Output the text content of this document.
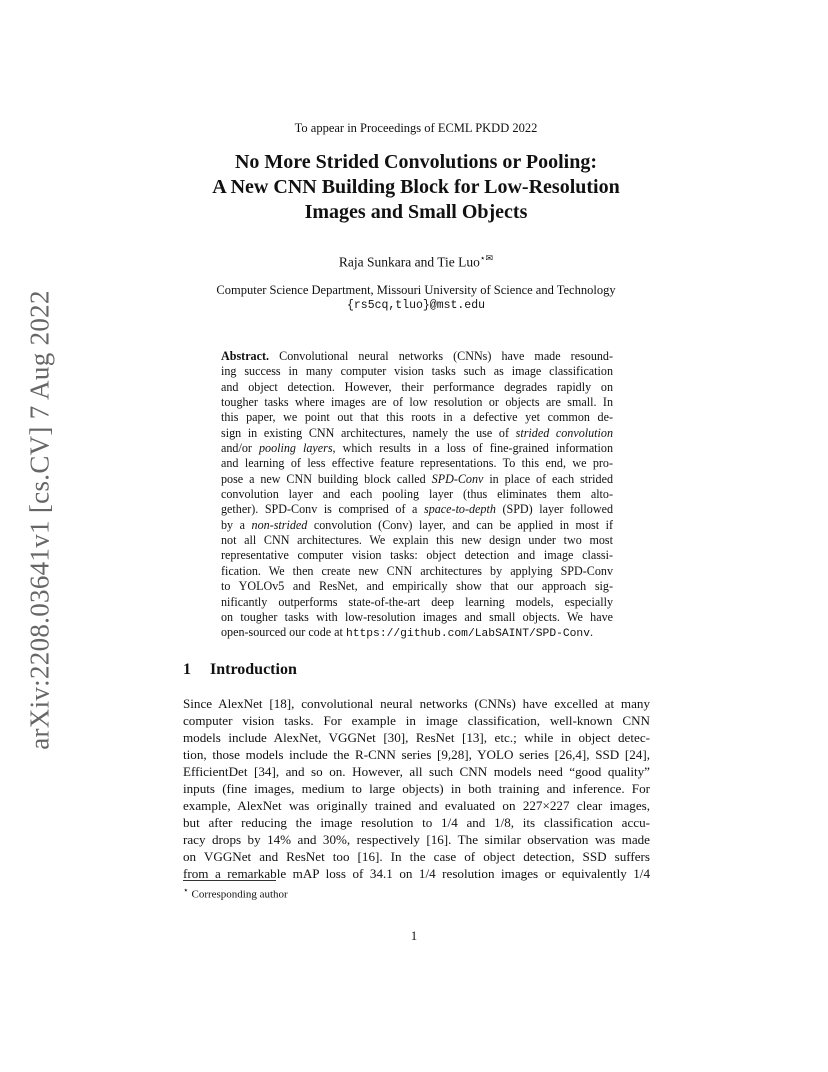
arXiv:2208.03641v1 [cs.CV] 7 Aug 2022
To appear in Proceedings of ECML PKDD 2022
No More Strided Convolutions or Pooling:
A New CNN Building Block for Low-Resolution
Images and Small Objects
Raja Sunkara and Tie Luo⋆✉
Computer Science Department, Missouri University of Science and Technology
{rs5cq,tluo}@mst.edu
Abstract. Convolutional neural networks (CNNs) have made resound-
ing success in many computer vision tasks such as image classification
and object detection. However, their performance degrades rapidly on
tougher tasks where images are of low resolution or objects are small. In
this paper, we point out that this roots in a defective yet common de-
sign in existing CNN architectures, namely the use of strided convolution
and/or pooling layers, which results in a loss of fine-grained information
and learning of less effective feature representations. To this end, we pro-
pose a new CNN building block called SPD-Conv in place of each strided
convolution layer and each pooling layer (thus eliminates them alto-
gether). SPD-Conv is comprised of a space-to-depth (SPD) layer followed
by a non-strided convolution (Conv) layer, and can be applied in most if
not all CNN architectures. We explain this new design under two most
representative computer vision tasks: object detection and image classi-
fication. We then create new CNN architectures by applying SPD-Conv
to YOLOv5 and ResNet, and empirically show that our approach sig-
nificantly outperforms state-of-the-art deep learning models, especially
on tougher tasks with low-resolution images and small objects. We have
open-sourced our code at https://github.com/LabSAINT/SPD-Conv.
1 Introduction
Since AlexNet [18], convolutional neural networks (CNNs) have excelled at many
computer vision tasks. For example in image classification, well-known CNN
models include AlexNet, VGGNet [30], ResNet [13], etc.; while in object detec-
tion, those models include the R-CNN series [9,28], YOLO series [26,4], SSD [24],
EfficientDet [34], and so on. However, all such CNN models need “good quality”
inputs (fine images, medium to large objects) in both training and inference. For
example, AlexNet was originally trained and evaluated on 227×227 clear images,
but after reducing the image resolution to 1/4 and 1/8, its classification accu-
racy drops by 14% and 30%, respectively [16]. The similar observation was made
on VGGNet and ResNet too [16]. In the case of object detection, SSD suffers
from a remarkable mAP loss of 34.1 on 1/4 resolution images or equivalently 1/4
⋆ Corresponding author
1
